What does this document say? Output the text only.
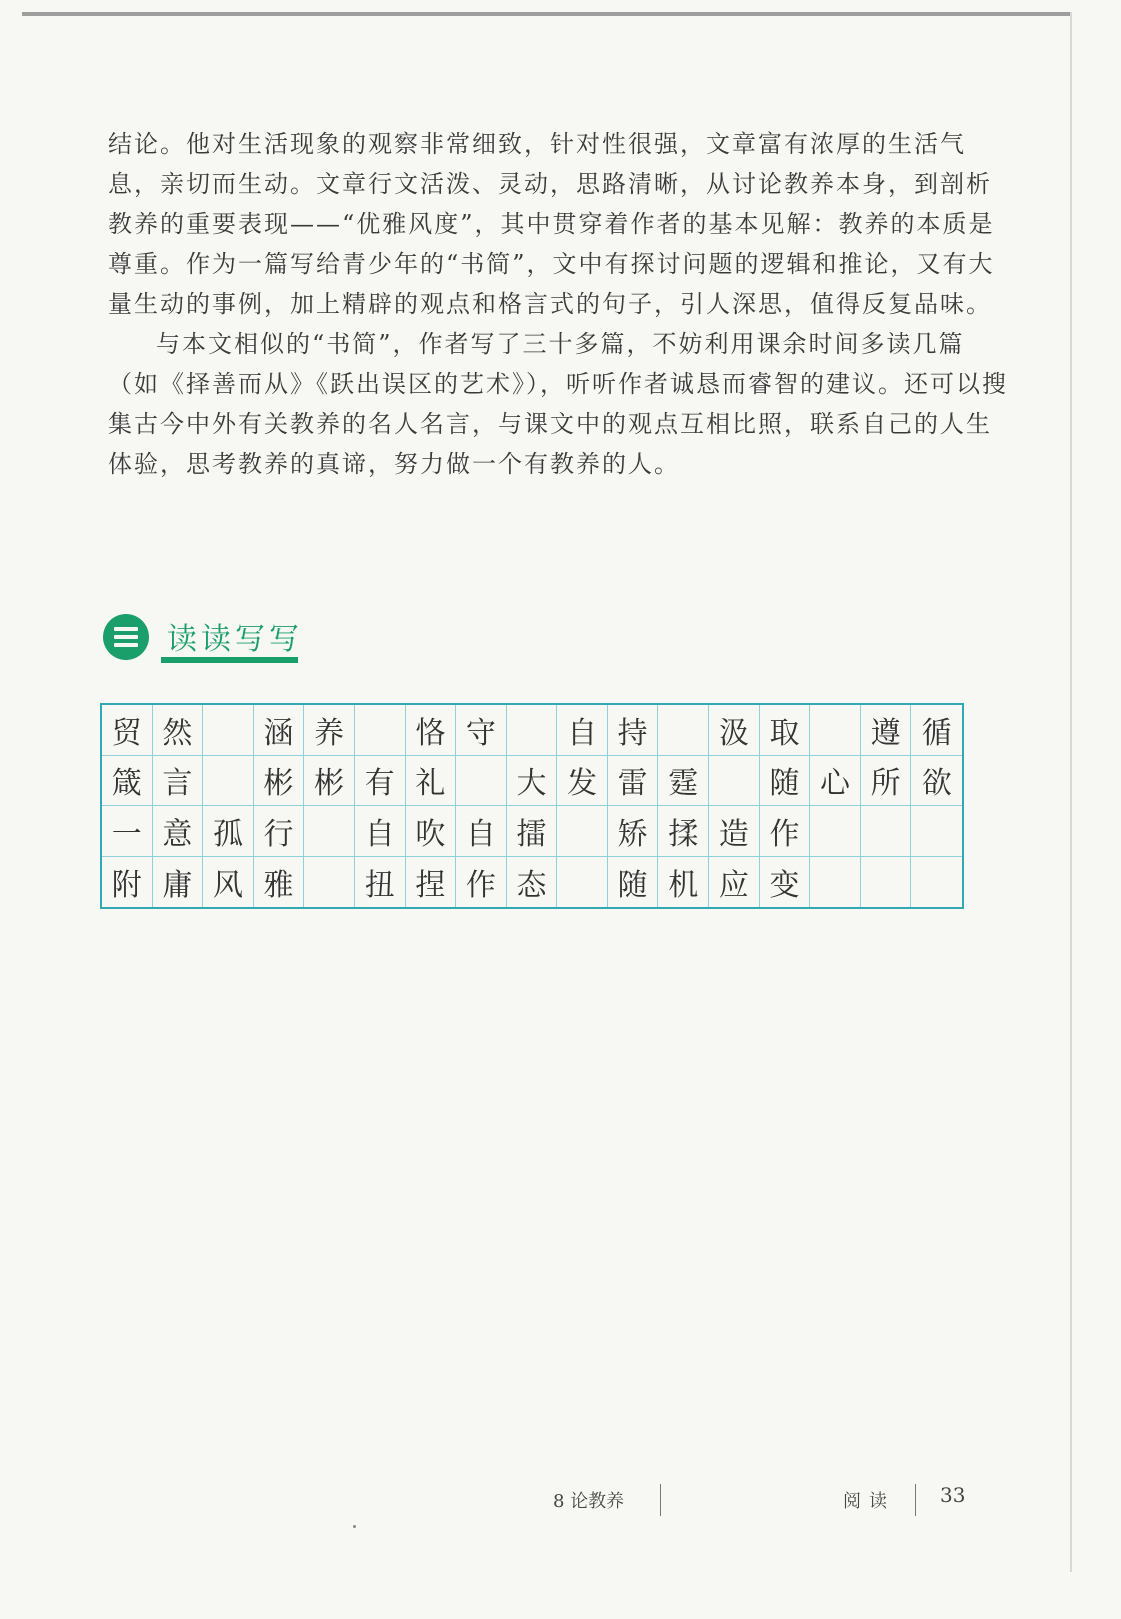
结论。他对生活现象的观察非常细致，针对性很强，文章富有浓厚的生活气息，亲切而生动。文章行文活泼、灵动，思路清晰，从讨论教养本身，到剖析教养的重要表现——“优雅风度”，其中贯穿着作者的基本见解：教养的本质是尊重。作为一篇写给青少年的“书简”，文中有探讨问题的逻辑和推论，又有大量生动的事例，加上精辟的观点和格言式的句子，引人深思，值得反复品味。

与本文相似的“书简”，作者写了三十多篇，不妨利用课余时间多读几篇（如《择善而从》《跃出误区的艺术》），听听作者诚恳而睿智的建议。还可以搜集古今中外有关教养的名人名言，与课文中的观点互相比照，联系自己的人生体验，思考教养的真谛，努力做一个有教养的人。

读读写写
贸 然	涵 养	恪 守	自 持	汲 取	遵 循
箴 言	彬 彬 有 礼	大 发 雷 霆	随 心 所 欲
一 意 孤 行	自 吹 自 擂	矫 揉 造 作
附 庸 风 雅	扭 捏 作 态	随 机 应 变
8 论教养	阅读 33
